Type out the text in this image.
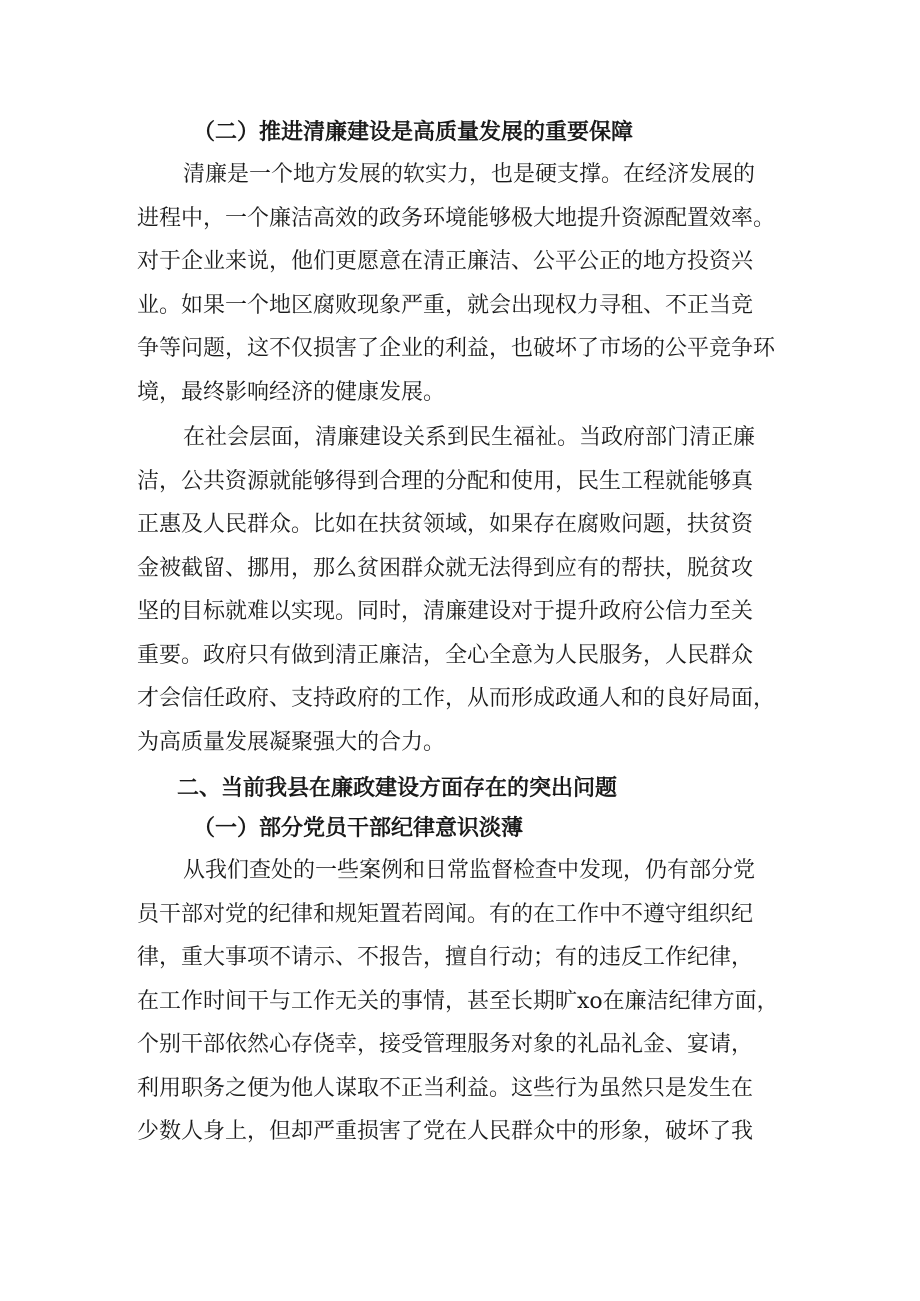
（二）推进清廉建设是高质量发展的重要保障

清廉是一个地方发展的软实力，也是硬支撑。在经济发展的
进程中，一个廉洁高效的政务环境能够极大地提升资源配置效率。
对于企业来说，他们更愿意在清正廉洁、公平公正的地方投资兴
业。如果一个地区腐败现象严重，就会出现权力寻租、不正当竞
争等问题，这不仅损害了企业的利益，也破坏了市场的公平竞争环
境，最终影响经济的健康发展。

在社会层面，清廉建设关系到民生福祉。当政府部门清正廉
洁，公共资源就能够得到合理的分配和使用，民生工程就能够真
正惠及人民群众。比如在扶贫领域，如果存在腐败问题，扶贫资
金被截留、挪用，那么贫困群众就无法得到应有的帮扶，脱贫攻
坚的目标就难以实现。同时，清廉建设对于提升政府公信力至关
重要。政府只有做到清正廉洁，全心全意为人民服务，人民群众
才会信任政府、支持政府的工作，从而形成政通人和的良好局面，
为高质量发展凝聚强大的合力。

二、当前我县在廉政建设方面存在的突出问题
（一）部分党员干部纪律意识淡薄

从我们查处的一些案例和日常监督检查中发现，仍有部分党
员干部对党的纪律和规矩置若罔闻。有的在工作中不遵守组织纪
律，重大事项不请示、不报告，擅自行动；有的违反工作纪律，
在工作时间干与工作无关的事情，甚至长期旷xo在廉洁纪律方面，
个别干部依然心存侥幸，接受管理服务对象的礼品礼金、宴请，
利用职务之便为他人谋取不正当利益。这些行为虽然只是发生在
少数人身上，但却严重损害了党在人民群众中的形象，破坏了我
